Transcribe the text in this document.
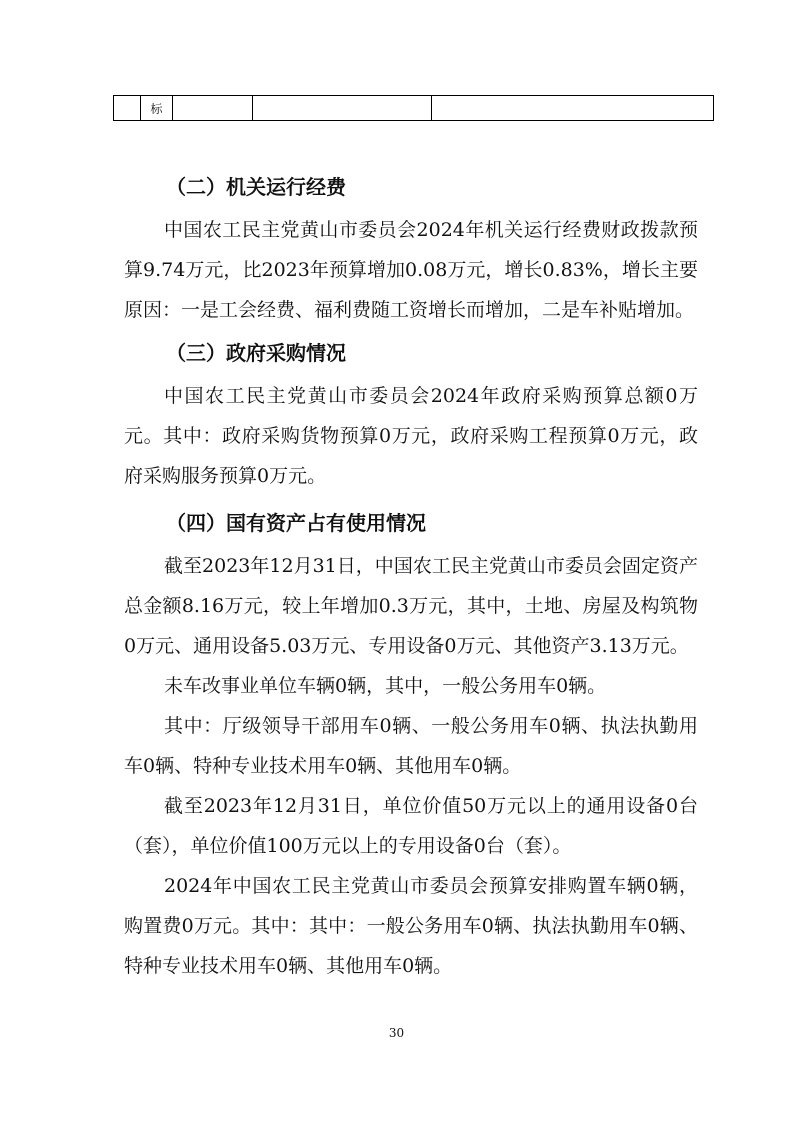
	标			
（二）机关运行经费

中国农工民主党黄山市委员会2024年机关运行经费财政拨款预算9.74万元，比2023年预算增加0.08万元，增长0.83%，增长主要原因：一是工会经费、福利费随工资增长而增加，二是车补贴增加。

（三）政府采购情况

中国农工民主党黄山市委员会2024年政府采购预算总额0万元。其中：政府采购货物预算0万元，政府采购工程预算0万元，政府采购服务预算0万元。

（四）国有资产占有使用情况

截至2023年12月31日，中国农工民主党黄山市委员会固定资产总金额8.16万元，较上年增加0.3万元，其中，土地、房屋及构筑物0万元、通用设备5.03万元、专用设备0万元、其他资产3.13万元。

未车改事业单位车辆0辆，其中，一般公务用车0辆。

其中：厅级领导干部用车0辆、一般公务用车0辆、执法执勤用车0辆、特种专业技术用车0辆、其他用车0辆。

截至2023年12月31日，单位价值50万元以上的通用设备0台（套），单位价值100万元以上的专用设备0台（套）。

2024年中国农工民主党黄山市委员会预算安排购置车辆0辆，购置费0万元。其中：其中：一般公务用车0辆、执法执勤用车0辆、特种专业技术用车0辆、其他用车0辆。

30
